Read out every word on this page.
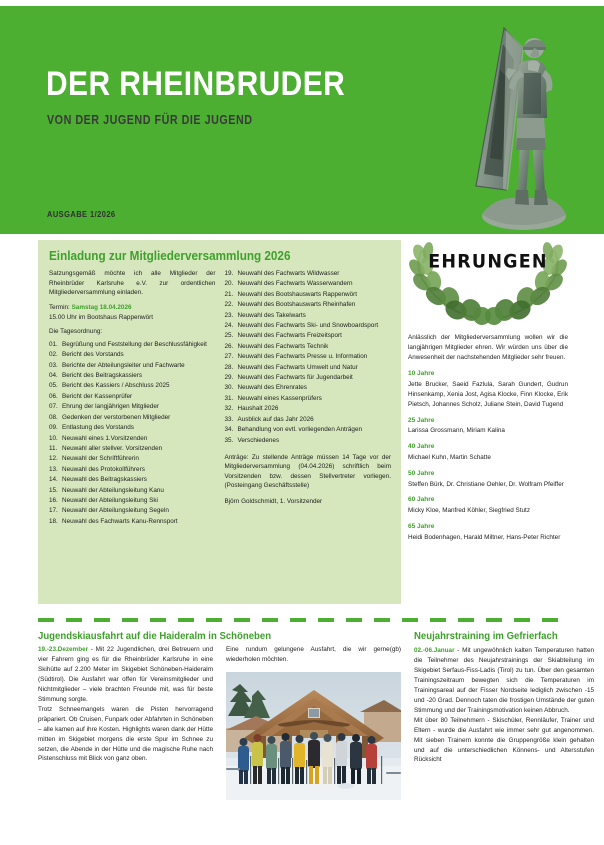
DER RHEINBRUDER
VON DER JUGEND FÜR DIE JUGEND
AUSGABE 1/2026
Einladung zur Mitgliederversammlung 2026
Satzungsgemäß möchte ich alle Mitglieder der Rheinbrüder Karlsruhe e.V. zur ordentlichen Mitgliederversammlung einladen.
Termin: Samstag 18.04.2026
15.00 Uhr im Bootshaus Rappenwört
Die Tagesordnung:
01. Begrüßung und Feststellung der Beschlussfähigkeit
02. Bericht des Vorstands
03. Berichte der Abteilungsleiter und Fachwarte
04. Bericht des Beitragskassiers
05. Bericht des Kassiers / Abschluss 2025
06. Bericht der Kassenprüfer
07. Ehrung der langjährigen Mitglieder
08. Gedenken der verstorbenen Mitglieder
09. Entlastung des Vorstands
10. Neuwahl eines 1.Vorsitzenden
11. Neuwahl aller stellver. Vorsitzenden
12. Neuwahl der Schriftführerin
13. Neuwahl des Protokollführers
14. Neuwahl des Beitragskassiers
15. Neuwahl der Abteilungsleitung Kanu
16. Neuwahl der Abteilungsleitung Ski
17. Neuwahl der Abteilungsleitung Segeln
18. Neuwahl des Fachwarts Kanu-Rennsport
19. Neuwahl des Fachwarts Wildwasser
20. Neuwahl des Fachwarts Wasserwandern
21. Neuwahl des Bootshauswarts Rappenwört
22. Neuwahl des Bootshauswarts Rheinhafen
23. Neuwahl des Takelwarts
24. Neuwahl des Fachwarts Ski- und Snowboardsport
25. Neuwahl des Fachwarts Freizeitsport
26. Neuwahl des Fachwarts Technik
27. Neuwahl des Fachwarts Presse u. Information
28. Neuwahl des Fachwarts Umwelt und Natur
29. Neuwahl des Fachwarts für Jugendarbeit
30. Neuwahl des Ehrenrates
31. Neuwahl eines Kassenprüfers
32. Haushalt 2026
33. Ausblick auf das Jahr 2026
34. Behandlung von evtl. vorliegenden Anträgen
35. Verschiedenes
Anträge: Zu stellende Anträge müssen 14 Tage vor der Mitgliederversammlung (04.04.2026) schriftlich beim Vorsitzenden bzw. dessen Stellvertreter vorliegen. (Posteingang Geschäftsstelle)
Björn Goldschmidt, 1. Vorsitzender
EHRUNGEN
Anlässlich der Mitgliederversammlung wollen wir die langjährigen Mitglieder ehren. Wir würden uns über die Anwesenheit der nachstehenden Mitglieder sehr freuen.
10 Jahre
Jette Brucker, Saeid Fazlula, Sarah Gundert, Gudrun Hinsenkamp, Xenia Jost, Agisa Klocke, Finn Klocke, Erik Pietsch, Johannes Scholz, Juliane Stein, David Tugend
25 Jahre
Larissa Grossmann, Miriam Kalina
40 Jahre
Michael Kuhn, Martin Schatte
50 Jahre
Steffen Bürk, Dr. Christiane Oehler, Dr. Wolfram Pfeiffer
60 Jahre
Micky Kloe, Manfred Köhler, Siegfried Stutz
65 Jahre
Heidi Bodenhagen, Harald Miltner, Hans-Peter Richter
Jugendskiausfahrt auf die Haideralm in Schöneben
19.-23.Dezember - Mit 22 Jugendlichen, drei Betreuern und vier Fahrern ging es für die Rheinbrüder Karlsruhe in eine Skihütte auf 2.200 Meter im Skigebiet Schöneben-Haideralm (Südtirol). Die Ausfahrt war offen für Vereinsmitglieder und Nichtmitglieder – viele brachten Freunde mit, was für beste Stimmung sorgte.
Trotz Schneemangels waren die Pisten hervorragend präpariert. Ob Cruisen, Funpark oder Abfahrten in Schöneben – alle kamen auf ihre Kosten. Highlights waren dank der Hütte mitten im Skigebiet morgens die erste Spur im Schnee zu setzen, die Abende in der Hütte und die magische Ruhe nach Pistenschluss mit Blick von ganz oben.
(gb)
Eine rundum gelungene Ausfahrt, die wir gerne wiederholen möchten.
Neujahrstraining im Gefrierfach
02.-06.Januar - Mit ungewöhnlich kalten Temperaturen hatten die Teilnehmer des Neujahrstrainings der Skiabteilung im Skigebiet Serfaus-Fiss-Ladis (Tirol) zu tun. Über den gesamten Trainingszeitraum bewegten sich die Temperaturen im Trainingsareal auf der Fisser Nordseite lediglich zwischen -15 und -20 Grad. Dennoch taten die frostigen Umstände der guten Stimmung und der Trainingsmotivation keinen Abbruch.
Mit über 80 Teilnehmern - Skischüler, Rennläufer, Trainer und Eltern - wurde die Ausfahrt wie immer sehr gut angenommen. Mit sieben Trainern konnte die Gruppengröße klein gehalten und auf die unterschiedlichen Könnens- und Altersstufen Rücksicht
